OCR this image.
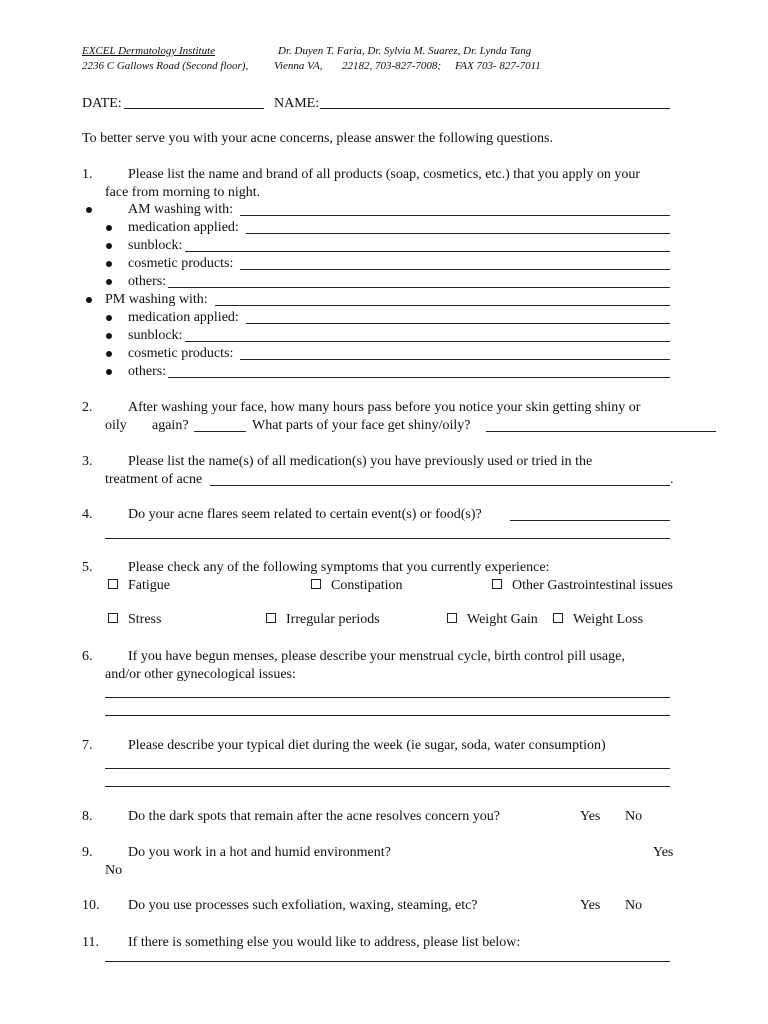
EXCEL Dermatology Institute	Dr. Duyen T. Faria, Dr. Sylvia M. Suarez, Dr. Lynda Tang
2236 C Gallows Road (Second floor), Vienna VA, 22182, 703-827-7008; FAX 703- 827-7011
DATE:	NAME:
To better serve you with your acne concerns, please answer the following questions.
1.	Please list the name and brand of all products (soap, cosmetics, etc.) that you apply on your
face from morning to night.
AM washing with:
medication applied:
sunblock:
cosmetic products:
others:
PM washing with:
medication applied:
sunblock:
cosmetic products:
others:
2.	After washing your face, how many hours pass before you notice your skin getting shiny or
oily again?	What parts of your face get shiny/oily?
3.	Please list the name(s) of all medication(s) you have previously used or tried in the
treatment of acne	.
4.	Do your acne flares seem related to certain event(s) or food(s)?
5.	Please check any of the following symptoms that you currently experience:
Fatigue	Constipation	Other Gastrointestinal issues
Stress	Irregular periods	Weight Gain	Weight Loss
6.	If you have begun menses, please describe your menstrual cycle, birth control pill usage,
and/or other gynecological issues:
7.	Please describe your typical diet during the week (ie sugar, soda, water consumption)
8.	Do the dark spots that remain after the acne resolves concern you?	Yes No
9.	Do you work in a hot and humid environment?	Yes
No
10. Do you use processes such exfoliation, waxing, steaming, etc?	Yes No
11. If there is something else you would like to address, please list below:
